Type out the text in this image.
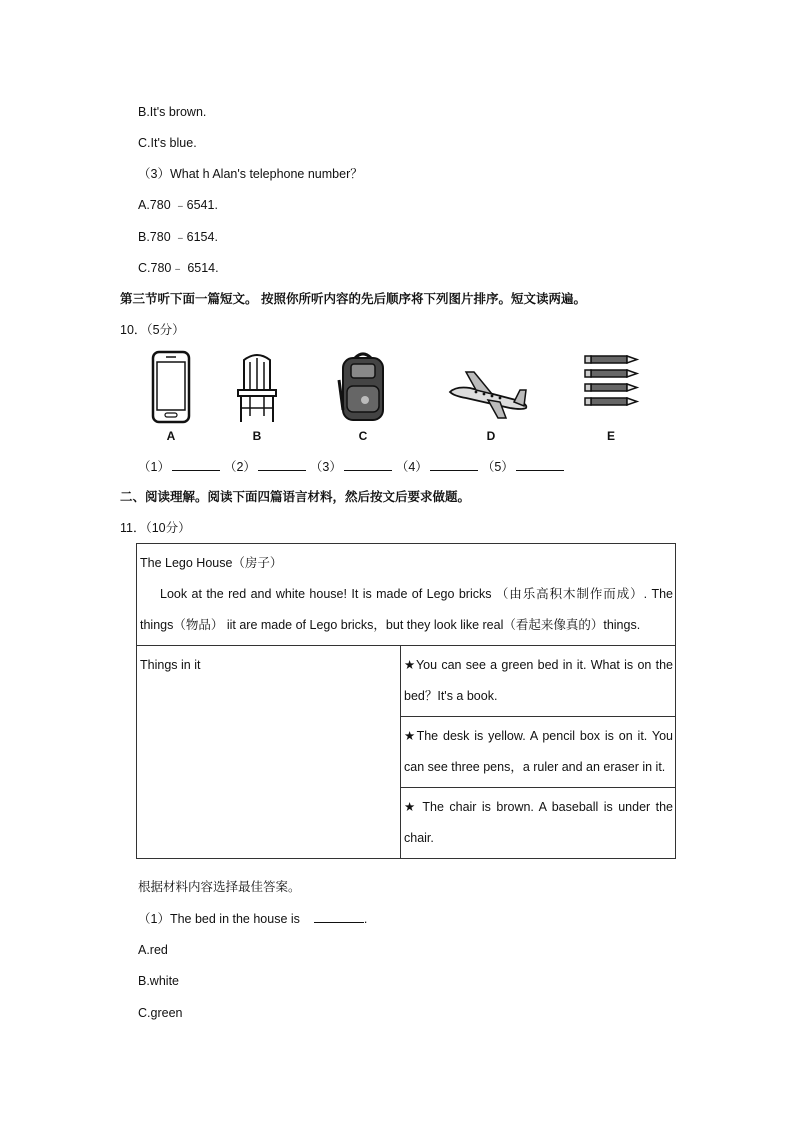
B.It's brown.
C.It's blue.
（3）What h Alan's telephone number？
A.780 ﹣6541.
B.780 ﹣6154.
C.780﹣ 6514.
第三节听下面一篇短文。 按照你所听内容的先后顺序将下列图片排序。短文读两遍。
10．（5分）
A	B	C	D	E
（1）	（2）	（3）	（4）	（5）
二、阅读理解。阅读下面四篇语言材料，然后按文后要求做题。
11．（10分）
The Lego House（房子）
Look at the red and white house! It is made of Lego bricks （由乐高积木制作而成）. The things（物品） iit are made of Lego bricks，but they look like real（看起来像真的）things.

Things in it	★You can see a green bed in it. What is on the bed？It's a book.
★The desk is yellow. A pencil box is on it. You can see three pens，a ruler and an eraser in it.
★ The chair is brown. A baseball is under the chair.
根据材料内容选择最佳答案。
（1）The bed in the house is	.
A.red
B.white
C.green
